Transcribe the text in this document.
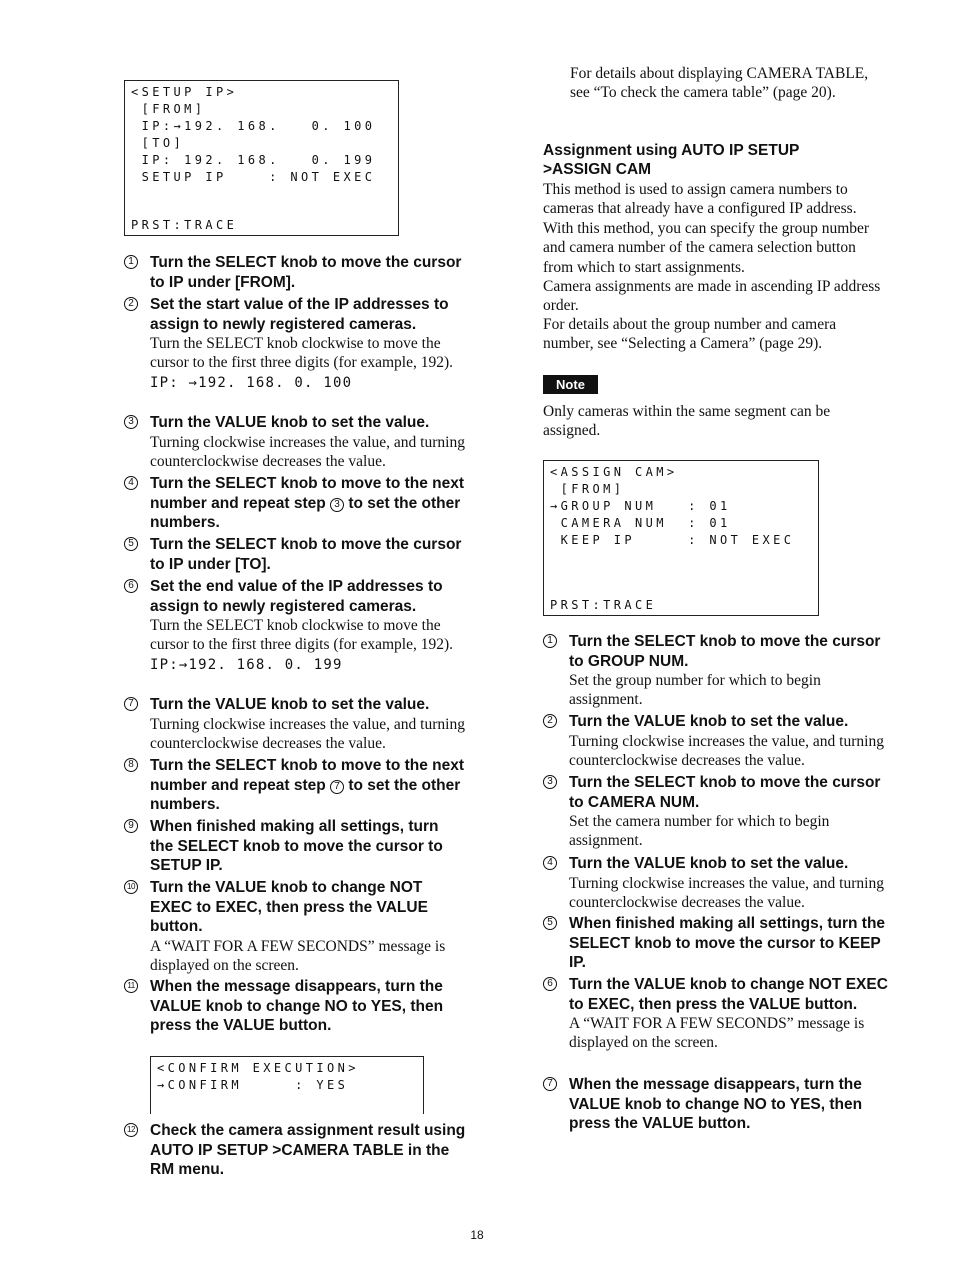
<SETUP IP>
[FROM]
IP:→192. 168.   0. 100
[TO]
IP: 192. 168.   0. 199
SETUP IP    : NOT EXEC
PRST:TRACE
1 Turn the SELECT knob to move the cursor to IP under [FROM].
2 Set the start value of the IP addresses to assign to newly registered cameras.
Turn the SELECT knob clockwise to move the cursor to the first three digits (for example, 192).
IP: →192. 168. 0. 100
3 Turn the VALUE knob to set the value.
Turning clockwise increases the value, and turning counterclockwise decreases the value.
4 Turn the SELECT knob to move to the next number and repeat step 3 to set the other numbers.
5 Turn the SELECT knob to move the cursor to IP under [TO].
6 Set the end value of the IP addresses to assign to newly registered cameras.
Turn the SELECT knob clockwise to move the cursor to the first three digits (for example, 192).
IP:→192. 168. 0. 199
7 Turn the VALUE knob to set the value.
Turning clockwise increases the value, and turning counterclockwise decreases the value.
8 Turn the SELECT knob to move to the next number and repeat step 7 to set the other numbers.
9 When finished making all settings, turn the SELECT knob to move the cursor to SETUP IP.
10 Turn the VALUE knob to change NOT EXEC to EXEC, then press the VALUE button.
A “WAIT FOR A FEW SECONDS” message is displayed on the screen.
11 When the message disappears, turn the VALUE knob to change NO to YES, then press the VALUE button.
<CONFIRM EXECUTION>
→CONFIRM     : YES
12 Check the camera assignment result using AUTO IP SETUP >CAMERA TABLE in the RM menu.
For details about displaying CAMERA TABLE, see “To check the camera table” (page 20).
Assignment using AUTO IP SETUP >ASSIGN CAM
This method is used to assign camera numbers to cameras that already have a configured IP address. With this method, you can specify the group number and camera number of the camera selection button from which to start assignments.
Camera assignments are made in ascending IP address order.
For details about the group number and camera number, see “Selecting a Camera” (page 29).
Note
Only cameras within the same segment can be assigned.
<ASSIGN CAM>
[FROM]
→GROUP NUM   : 01
CAMERA NUM  : 01
KEEP IP     : NOT EXEC
PRST:TRACE
1 Turn the SELECT knob to move the cursor to GROUP NUM.
Set the group number for which to begin assignment.
2 Turn the VALUE knob to set the value.
Turning clockwise increases the value, and turning counterclockwise decreases the value.
3 Turn the SELECT knob to move the cursor to CAMERA NUM.
Set the camera number for which to begin assignment.
4 Turn the VALUE knob to set the value.
Turning clockwise increases the value, and turning counterclockwise decreases the value.
5 When finished making all settings, turn the SELECT knob to move the cursor to KEEP IP.
6 Turn the VALUE knob to change NOT EXEC to EXEC, then press the VALUE button.
A “WAIT FOR A FEW SECONDS” message is displayed on the screen.
7 When the message disappears, turn the VALUE knob to change NO to YES, then press the VALUE button.
18
